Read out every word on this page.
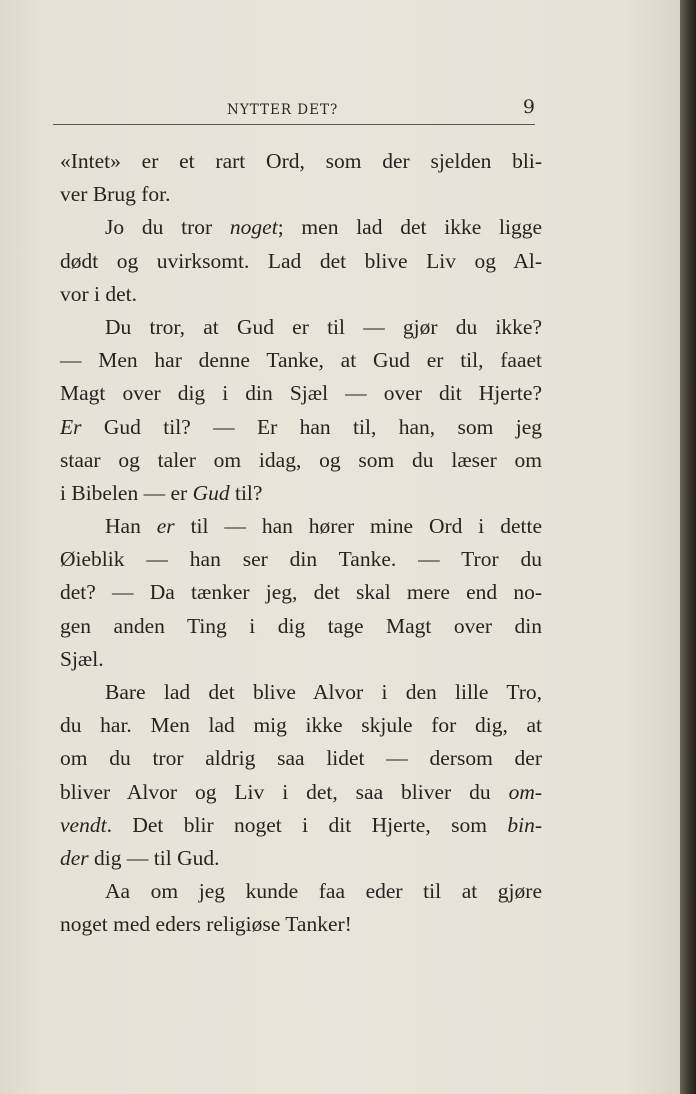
NYTTER DET?	9
«Intet» er et rart Ord, som der sjelden bli-
ver Brug for.
Jo du tror noget; men lad det ikke ligge
dødt og uvirksomt. Lad det blive Liv og Al-
vor i det.
Du tror, at Gud er til — gjør du ikke?
— Men har denne Tanke, at Gud er til, faaet
Magt over dig i din Sjæl — over dit Hjerte?
Er Gud til? — Er han til, han, som jeg
staar og taler om idag, og som du læser om
i Bibelen — er Gud til?
Han er til — han hører mine Ord i dette
Øieblik — han ser din Tanke. — Tror du
det? — Da tænker jeg, det skal mere end no-
gen anden Ting i dig tage Magt over din
Sjæl.
Bare lad det blive Alvor i den lille Tro,
du har. Men lad mig ikke skjule for dig, at
om du tror aldrig saa lidet — dersom der
bliver Alvor og Liv i det, saa bliver du om-
vendt. Det blir noget i dit Hjerte, som bin-
der dig — til Gud.
Aa om jeg kunde faa eder til at gjøre
noget med eders religiøse Tanker!
